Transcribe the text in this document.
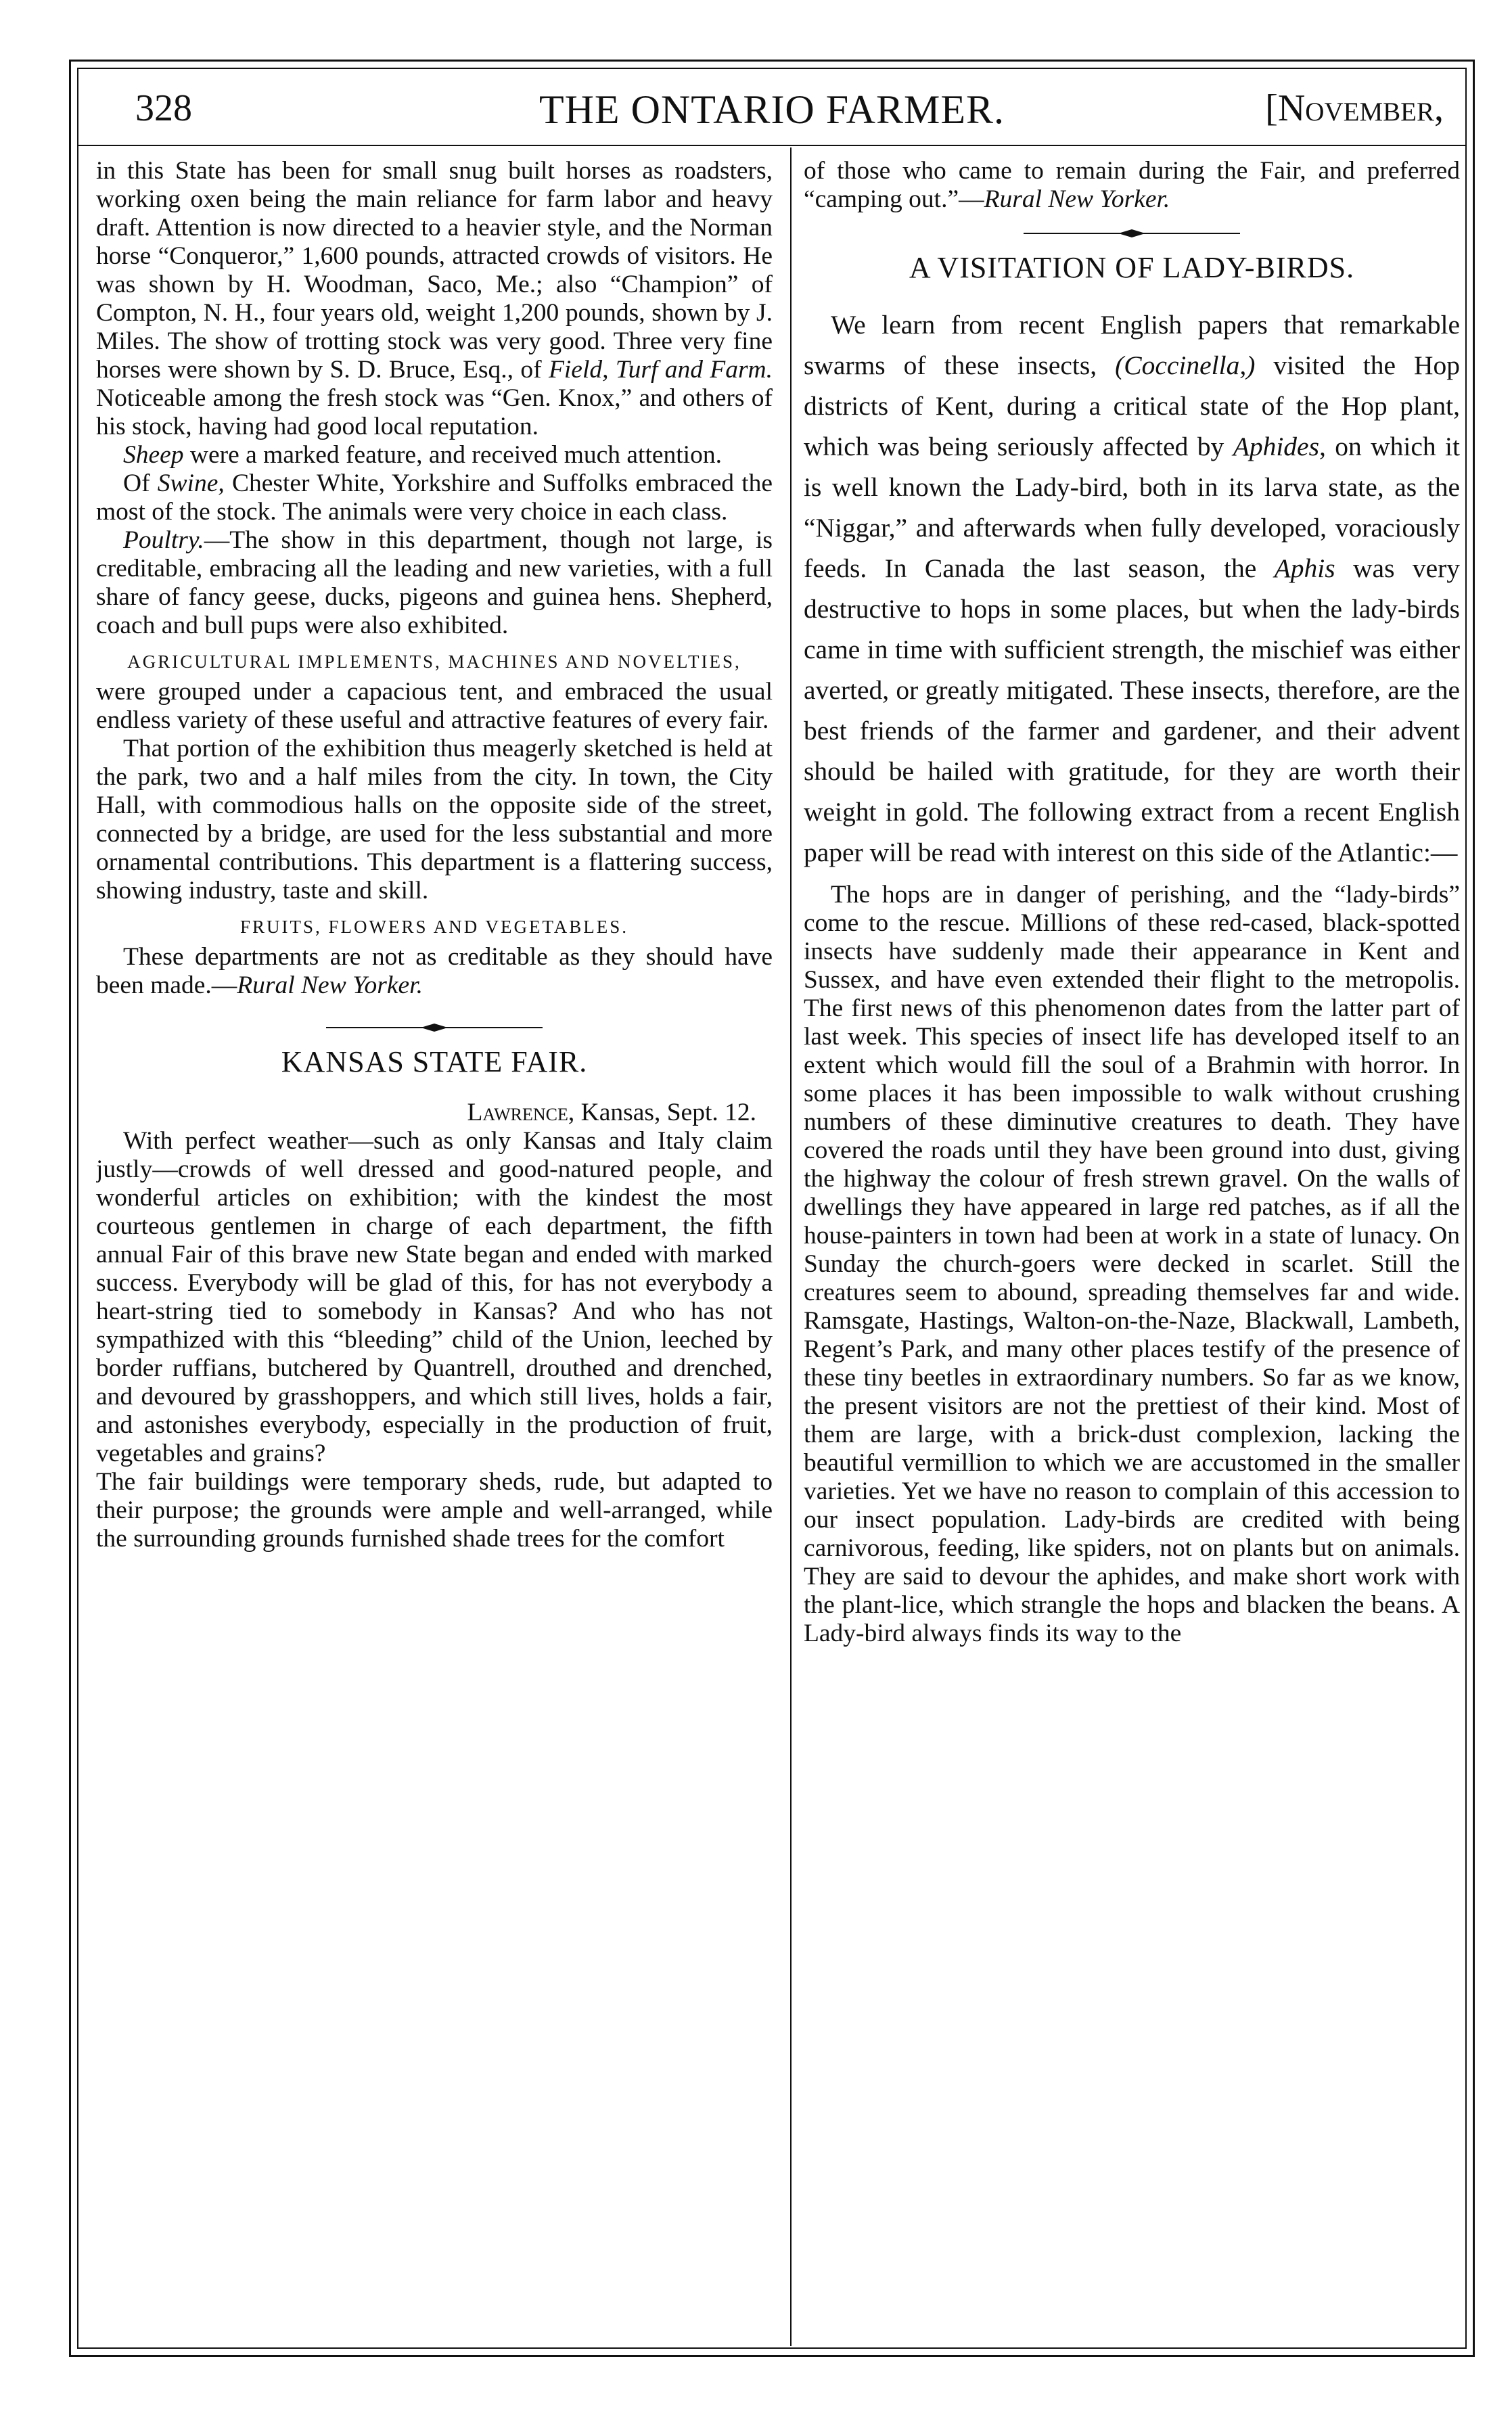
328	THE ONTARIO FARMER.	[November,

in this State has been for small snug built horses as roadsters, working oxen being the main reliance for farm labor and heavy draft. Attention is now directed to a heavier style, and the Norman horse “Conqueror,” 1,600 pounds, attracted crowds of visitors. He was shown by H. Woodman, Saco, Me.; also “Champion” of Compton, N. H., four years old, weight 1,200 pounds, shown by J. Miles. The show of trotting stock was very good. Three very fine horses were shown by S. D. Bruce, Esq., of Field, Turf and Farm. Noticeable among the fresh stock was “Gen. Knox,” and others of his stock, having had good local reputation.

Sheep were a marked feature, and received much attention.

Of Swine, Chester White, Yorkshire and Suffolks embraced the most of the stock. The animals were very choice in each class.

Poultry.—The show in this department, though not large, is creditable, embracing all the leading and new varieties, with a full share of fancy geese, ducks, pigeons and guinea hens. Shepherd, coach and bull pups were also exhibited.

AGRICULTURAL IMPLEMENTS, MACHINES AND NOVELTIES,

were grouped under a capacious tent, and embraced the usual endless variety of these useful and attractive features of every fair.

That portion of the exhibition thus meagerly sketched is held at the park, two and a half miles from the city. In town, the City Hall, with commodious halls on the opposite side of the street, connected by a bridge, are used for the less substantial and more ornamental contributions. This department is a flattering success, showing industry, taste and skill.

FRUITS, FLOWERS AND VEGETABLES.

These departments are not as creditable as they should have been made.—Rural New Yorker.

KANSAS STATE FAIR.

Lawrence, Kansas, Sept. 12.

With perfect weather—such as only Kansas and Italy claim justly—crowds of well dressed and good-natured people, and wonderful articles on exhibition; with the kindest the most courteous gentlemen in charge of each department, the fifth annual Fair of this brave new State began and ended with marked success. Everybody will be glad of this, for has not everybody a heart-string tied to somebody in Kansas? And who has not sympathized with this “bleeding” child of the Union, leeched by border ruffians, butchered by Quantrell, drouthed and drenched, and devoured by grasshoppers, and which still lives, holds a fair, and astonishes everybody, especially in the production of fruit, vegetables and grains?

The fair buildings were temporary sheds, rude, but adapted to their purpose; the grounds were ample and well-arranged, while the surrounding grounds furnished shade trees for the comfort

of those who came to remain during the Fair, and preferred “camping out.”—Rural New Yorker.

A VISITATION OF LADY-BIRDS.

We learn from recent English papers that remarkable swarms of these insects, (Coccinella,) visited the Hop districts of Kent, during a critical state of the Hop plant, which was being seriously affected by Aphides, on which it is well known the Lady-bird, both in its larva state, as the “Niggar,” and afterwards when fully developed, voraciously feeds. In Canada the last season, the Aphis was very destructive to hops in some places, but when the lady-birds came in time with sufficient strength, the mischief was either averted, or greatly mitigated. These insects, therefore, are the best friends of the farmer and gardener, and their advent should be hailed with gratitude, for they are worth their weight in gold. The following extract from a recent English paper will be read with interest on this side of the Atlantic:—

The hops are in danger of perishing, and the “lady-birds” come to the rescue. Millions of these red-cased, black-spotted insects have suddenly made their appearance in Kent and Sussex, and have even extended their flight to the metropolis. The first news of this phenomenon dates from the latter part of last week. This species of insect life has developed itself to an extent which would fill the soul of a Brahmin with horror. In some places it has been impossible to walk without crushing numbers of these diminutive creatures to death. They have covered the roads until they have been ground into dust, giving the highway the colour of fresh strewn gravel. On the walls of dwellings they have appeared in large red patches, as if all the house-painters in town had been at work in a state of lunacy. On Sunday the church-goers were decked in scarlet. Still the creatures seem to abound, spreading themselves far and wide. Ramsgate, Hastings, Walton-on-the-Naze, Blackwall, Lambeth, Regent’s Park, and many other places testify of the presence of these tiny beetles in extraordinary numbers. So far as we know, the present visitors are not the prettiest of their kind. Most of them are large, with a brick-dust complexion, lacking the beautiful vermillion to which we are accustomed in the smaller varieties. Yet we have no reason to complain of this accession to our insect population. Lady-birds are credited with being carnivorous, feeding, like spiders, not on plants but on animals. They are said to devour the aphides, and make short work with the plant-lice, which strangle the hops and blacken the beans. A Lady-bird always finds its way to the
